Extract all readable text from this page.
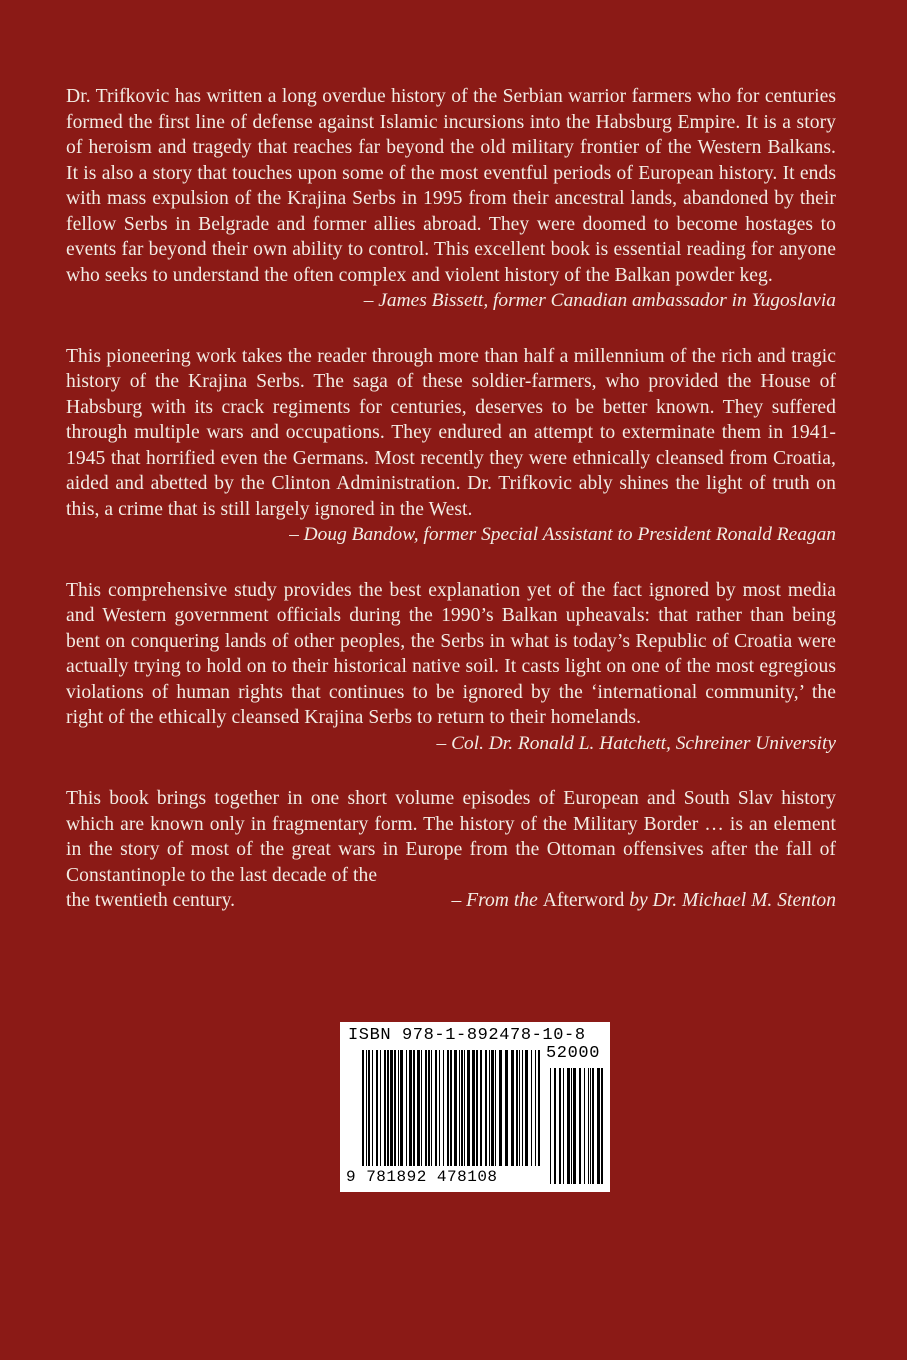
Dr. Trifkovic has written a long overdue history of the Serbian warrior farmers who for centuries formed the first line of defense against Islamic incursions into the Habsburg Empire. It is a story of heroism and tragedy that reaches far beyond the old military frontier of the Western Balkans. It is also a story that touches upon some of the most eventful periods of European history. It ends with mass expulsion of the Krajina Serbs in 1995 from their ancestral lands, abandoned by their fellow Serbs in Belgrade and former allies abroad. They were doomed to become hostages to events far beyond their own ability to control. This excellent book is essential reading for anyone who seeks to understand the often complex and violent history of the Balkan powder keg.

– James Bissett, former Canadian ambassador in Yugoslavia

This pioneering work takes the reader through more than half a millennium of the rich and tragic history of the Krajina Serbs. The saga of these soldier-farmers, who provided the House of Habsburg with its crack regiments for centuries, deserves to be better known. They suffered through multiple wars and occupations. They endured an attempt to exterminate them in 1941-1945 that horrified even the Germans. Most recently they were ethnically cleansed from Croatia, aided and abetted by the Clinton Administration. Dr. Trifkovic ably shines the light of truth on this, a crime that is still largely ignored in the West.

– Doug Bandow, former Special Assistant to President Ronald Reagan

This comprehensive study provides the best explanation yet of the fact ignored by most media and Western government officials during the 1990’s Balkan upheavals: that rather than being bent on conquering lands of other peoples, the Serbs in what is today’s Republic of Croatia were actually trying to hold on to their historical native soil. It casts light on one of the most egregious violations of human rights that continues to be ignored by the ‘international community,’ the right of the ethically cleansed Krajina Serbs to return to their homelands.

– Col. Dr. Ronald L. Hatchett, Schreiner University

This book brings together in one short volume episodes of European and South Slav history which are known only in fragmentary form. The history of the Military Border … is an element in the story of most of the great wars in Europe from the Ottoman offensives after the fall of Constantinople to the last decade of the

the twentieth century.	– From the Afterword by Dr. Michael M. Stenton
ISBN 978-1-892478-10-8
52000
9 781892 478108
